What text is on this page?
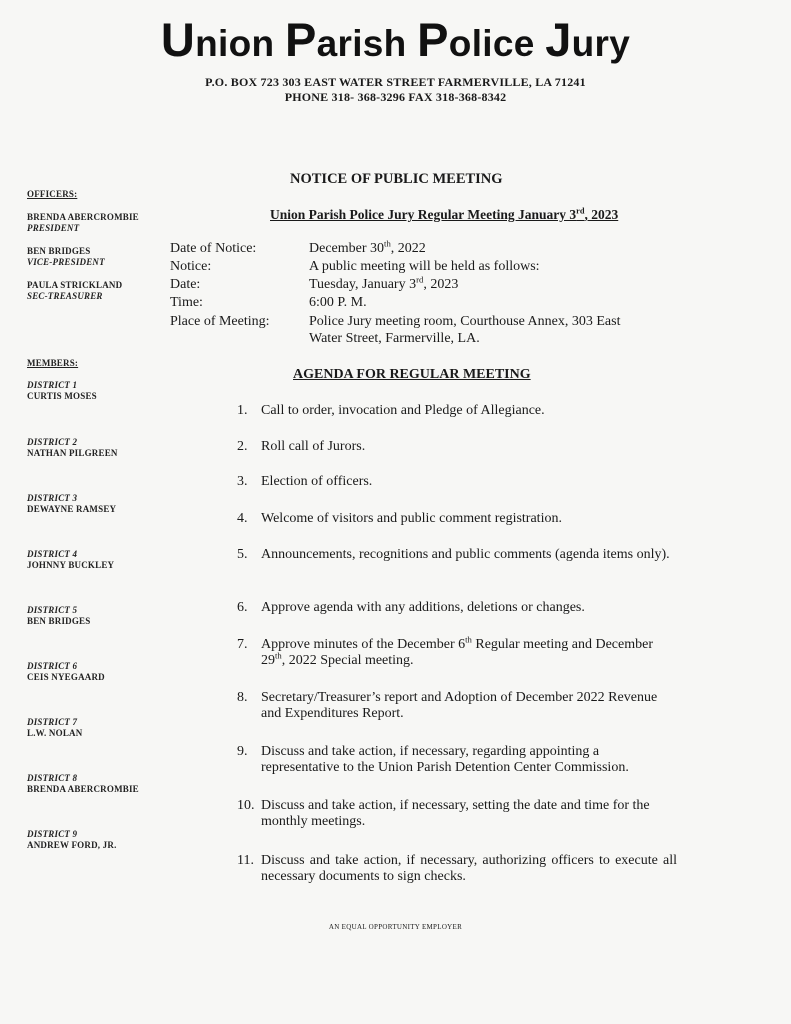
Union Parish Police Jury
P.O. BOX 723 303 EAST WATER STREET FARMERVILLE, LA 71241
PHONE 318- 368-3296 FAX 318-368-8342
OFFICERS:
BRENDA ABERCROMBIE
PRESIDENT
BEN BRIDGES
VICE-PRESIDENT
PAULA STRICKLAND
SEC-TREASURER
MEMBERS:
DISTRICT 1
CURTIS MOSES
DISTRICT 2
NATHAN PILGREEN
DISTRICT 3
DEWAYNE RAMSEY
DISTRICT 4
JOHNNY BUCKLEY
DISTRICT 5
BEN BRIDGES
DISTRICT 6
CEIS NYEGAARD
DISTRICT 7
L.W. NOLAN
DISTRICT 8
BRENDA ABERCROMBIE
DISTRICT 9
ANDREW FORD, JR.
NOTICE OF PUBLIC MEETING
Union Parish Police Jury Regular Meeting January 3rd, 2023
Date of Notice:	December 30th, 2022
Notice:	A public meeting will be held as follows:
Date:	Tuesday, January 3rd, 2023
Time:	6:00 P. M.
Place of Meeting:	Police Jury meeting room, Courthouse Annex, 303 East
Water Street, Farmerville, LA.
AGENDA FOR REGULAR MEETING
1. Call to order, invocation and Pledge of Allegiance.
2. Roll call of Jurors.
3. Election of officers.
4. Welcome of visitors and public comment registration.
5. Announcements, recognitions and public comments (agenda items only).
6. Approve agenda with any additions, deletions or changes.
7. Approve minutes of the December 6th Regular meeting and December 29th, 2022 Special meeting.
8. Secretary/Treasurer’s report and Adoption of December 2022 Revenue and Expenditures Report.
9. Discuss and take action, if necessary, regarding appointing a representative to the Union Parish Detention Center Commission.
10. Discuss and take action, if necessary, setting the date and time for the monthly meetings.
11. Discuss and take action, if necessary, authorizing officers to execute all necessary documents to sign checks.
AN EQUAL OPPORTUNITY EMPLOYER
